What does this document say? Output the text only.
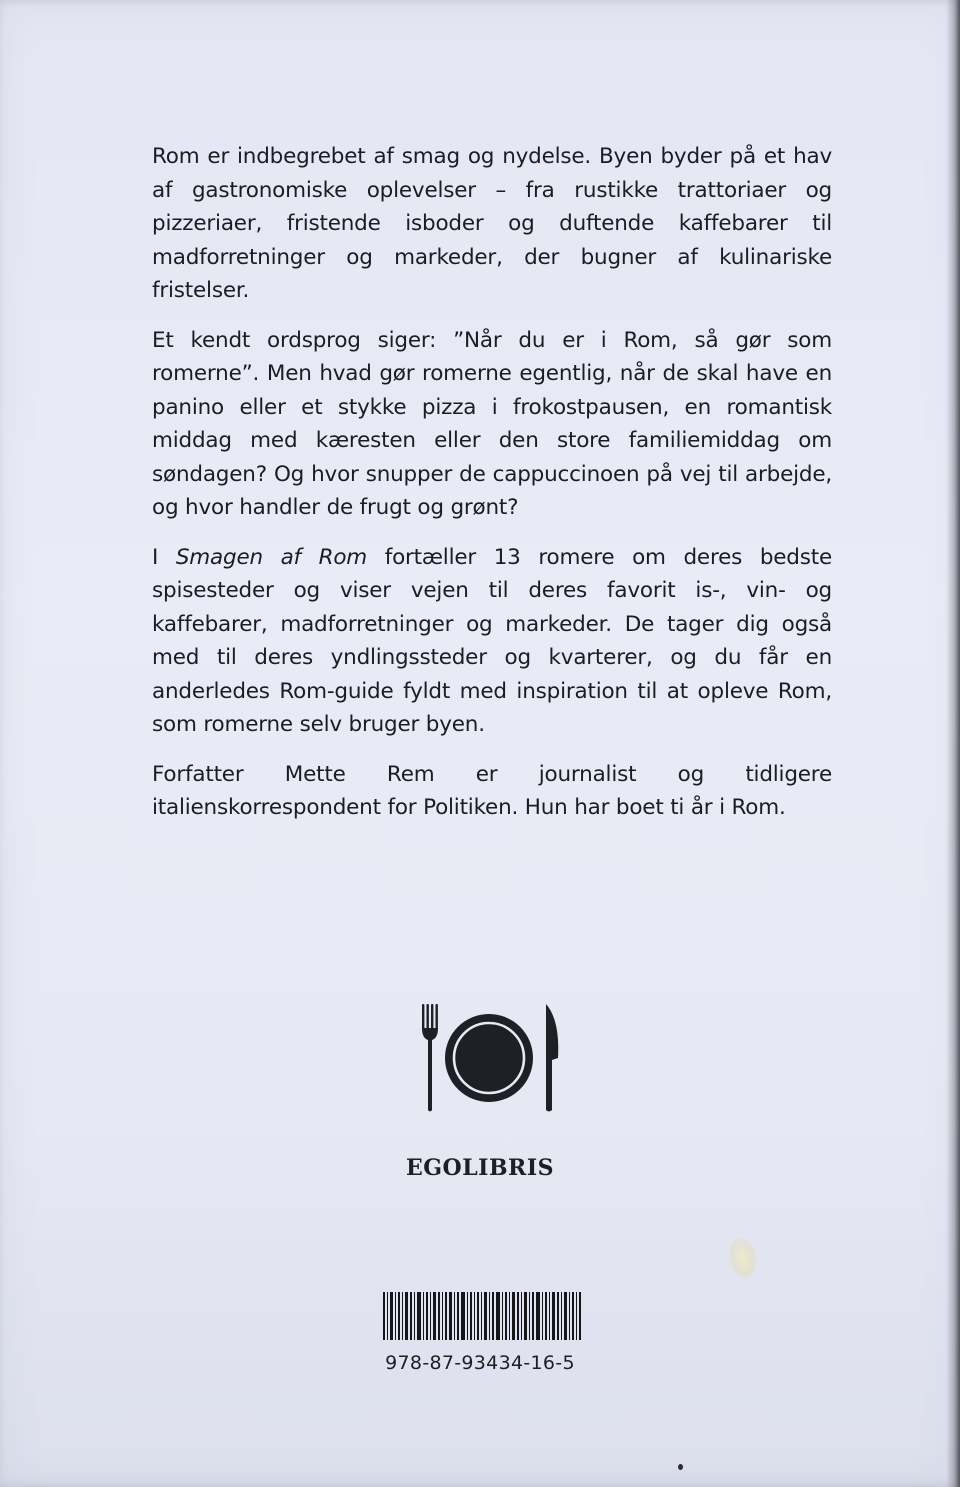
Rom er indbegrebet af smag og nydelse. Byen byder på et hav af gastronomiske oplevelser – fra rustikke trattoriaer og pizzeriaer, fristende isboder og duftende kaffebarer til madforretninger og markeder, der bugner af kulinariske fristelser.

Et kendt ordsprog siger: ”Når du er i Rom, så gør som romerne”. Men hvad gør romerne egentlig, når de skal have en panino eller et stykke pizza i frokostpausen, en romantisk middag med kæresten eller den store familiemiddag om søndagen? Og hvor snupper de cappuccinoen på vej til arbejde, og hvor handler de frugt og grønt?

I Smagen af Rom fortæller 13 romere om deres bedste spisesteder og viser vejen til deres favorit is-, vin- og kaffebarer, madforretninger og markeder. De tager dig også med til deres yndlingssteder og kvarterer, og du får en anderledes Rom-guide fyldt med inspiration til at opleve Rom, som romerne selv bruger byen.

Forfatter Mette Rem er journalist og tidligere italienskorrespondent for Politiken. Hun har boet ti år i Rom.

EGOLIBRIS
978-87-93434-16-5
